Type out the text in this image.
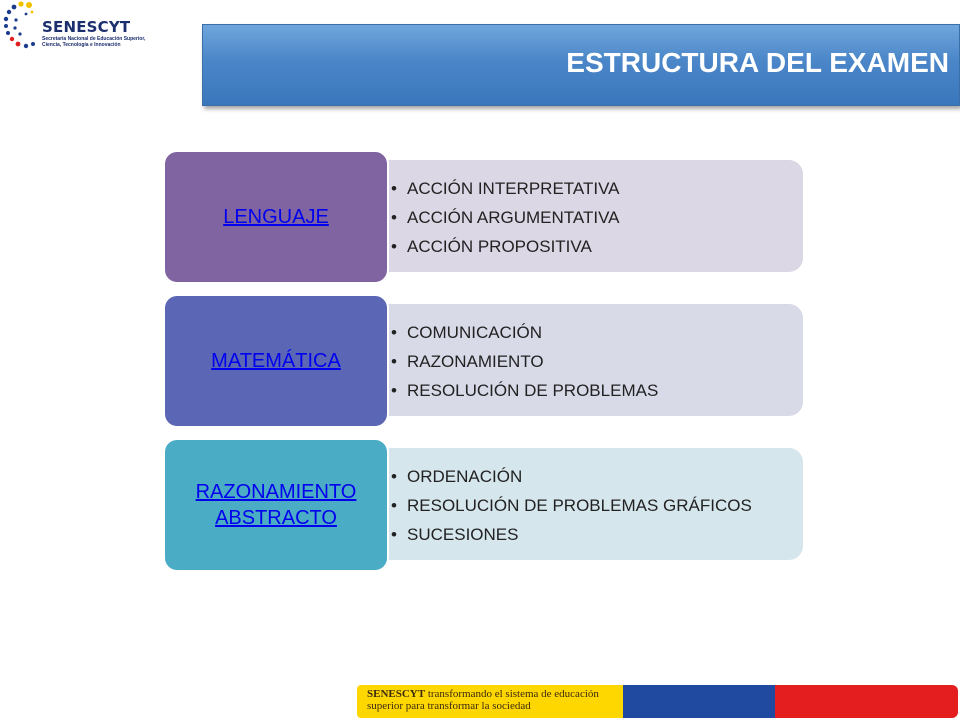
SENESCYT
Secretaría Nacional de Educación Superior, Ciencia, Tecnología e Innovación
ESTRUCTURA DEL EXAMEN
• ACCIÓN INTERPRETATIVA
• ACCIÓN ARGUMENTATIVA
• ACCIÓN PROPOSITIVA
LENGUAJE
• COMUNICACIÓN
• RAZONAMIENTO
• RESOLUCIÓN DE PROBLEMAS
MATEMÁTICA
• ORDENACIÓN
• RESOLUCIÓN DE PROBLEMAS GRÁFICOS
• SUCESIONES
RAZONAMIENTO ABSTRACTO
SENESCYT transformando el sistema de educación
superior para transformar la sociedad
